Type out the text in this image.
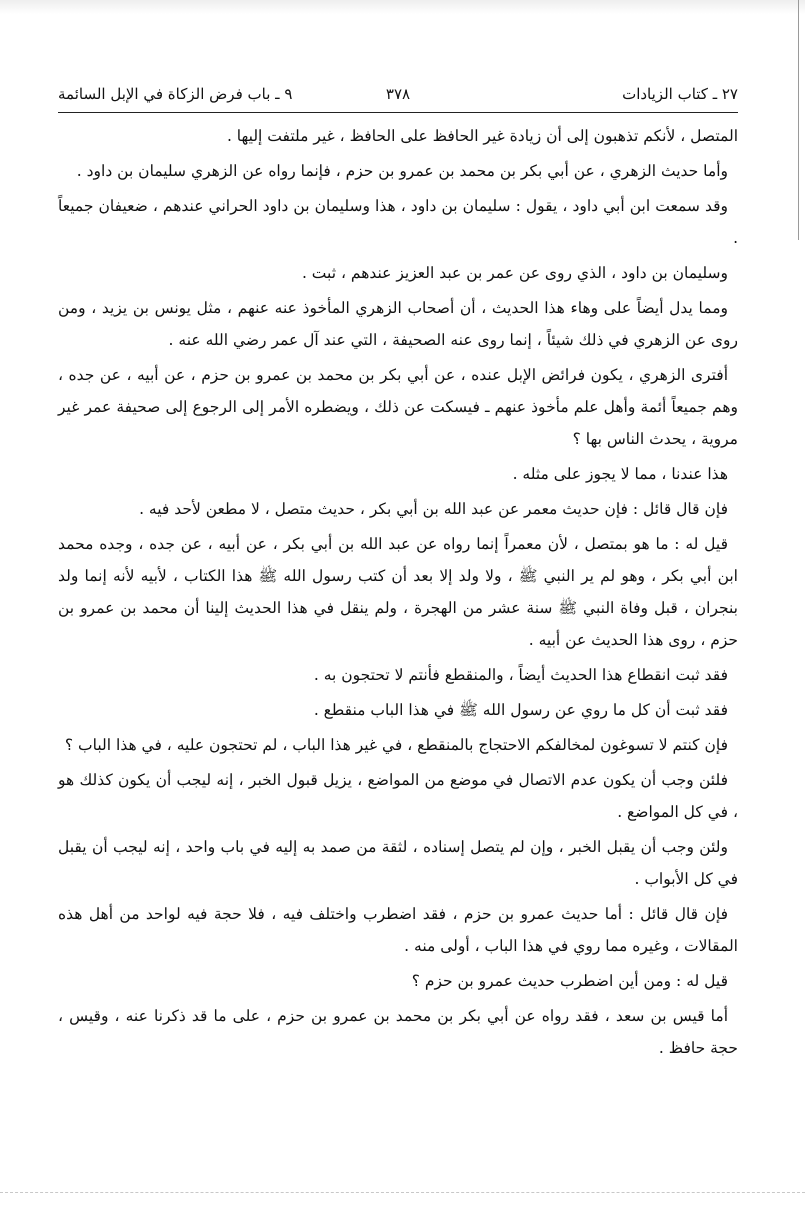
٢٧ ـ كتاب الزيادات
٣٧٨
٩ ـ باب فرض الزكاة في الإبل السائمة

المتصل ، لأنكم تذهبون إلى أن زيادة غير الحافظ على الحافظ ، غير ملتفت إليها .

وأما حديث الزهري ، عن أبي بكر بن محمد بن عمرو بن حزم ، فإنما رواه عن الزهري سليمان بن داود .

وقد سمعت ابن أبي داود ، يقول : سليمان بن داود ، هذا وسليمان بن داود الحراني عندهم ، ضعيفان جميعاً .

وسليمان بن داود ، الذي روى عن عمر بن عبد العزيز عندهم ، ثبت .

ومما يدل أيضاً على وهاء هذا الحديث ، أن أصحاب الزهري المأخوذ عنه عنهم ، مثل يونس بن يزيد ، ومن روى عن الزهري في ذلك شيئاً ، إنما روى عنه الصحيفة ، التي عند آل عمر رضي الله عنه .

أفترى الزهري ، يكون فرائض الإبل عنده ، عن أبي بكر بن محمد بن عمرو بن حزم ، عن أبيه ، عن جده ، وهم جميعاً أئمة وأهل علم مأخوذ عنهم ـ فيسكت عن ذلك ، ويضطره الأمر إلى الرجوع إلى صحيفة عمر غير مروية ، يحدث الناس بها ؟

هذا عندنا ، مما لا يجوز على مثله .

فإن قال قائل : فإن حديث معمر عن عبد الله بن أبي بكر ، حديث متصل ، لا مطعن لأحد فيه .

قيل له : ما هو بمتصل ، لأن معمراً إنما رواه عن عبد الله بن أبي بكر ، عن أبيه ، عن جده ، وجده محمد ابن أبي بكر ، وهو لم ير النبي ﷺ ، ولا ولد إلا بعد أن كتب رسول الله ﷺ هذا الكتاب ، لأبيه لأنه إنما ولد بنجران ، قبل وفاة النبي ﷺ سنة عشر من الهجرة ، ولم ينقل في هذا الحديث إلينا أن محمد بن عمرو بن حزم ، روى هذا الحديث عن أبيه .

فقد ثبت انقطاع هذا الحديث أيضاً ، والمنقطع فأنتم لا تحتجون به .

فقد ثبت أن كل ما روي عن رسول الله ﷺ في هذا الباب منقطع .

فإن كنتم لا تسوغون لمخالفكم الاحتجاج بالمنقطع ، في غير هذا الباب ، لم تحتجون عليه ، في هذا الباب ؟

فلئن وجب أن يكون عدم الاتصال في موضع من المواضع ، يزيل قبول الخبر ، إنه ليجب أن يكون كذلك هو ، في كل المواضع .

ولئن وجب أن يقبل الخبر ، وإن لم يتصل إسناده ، لثقة من صمد به إليه في باب واحد ، إنه ليجب أن يقبل في كل الأبواب .

فإن قال قائل : أما حديث عمرو بن حزم ، فقد اضطرب واختلف فيه ، فلا حجة فيه لواحد من أهل هذه المقالات ، وغيره مما روي في هذا الباب ، أولى منه .

قيل له : ومن أين اضطرب حديث عمرو بن حزم ؟

أما قيس بن سعد ، فقد رواه عن أبي بكر بن محمد بن عمرو بن حزم ، على ما قد ذكرنا عنه ، وقيس ، حجة حافظ .
